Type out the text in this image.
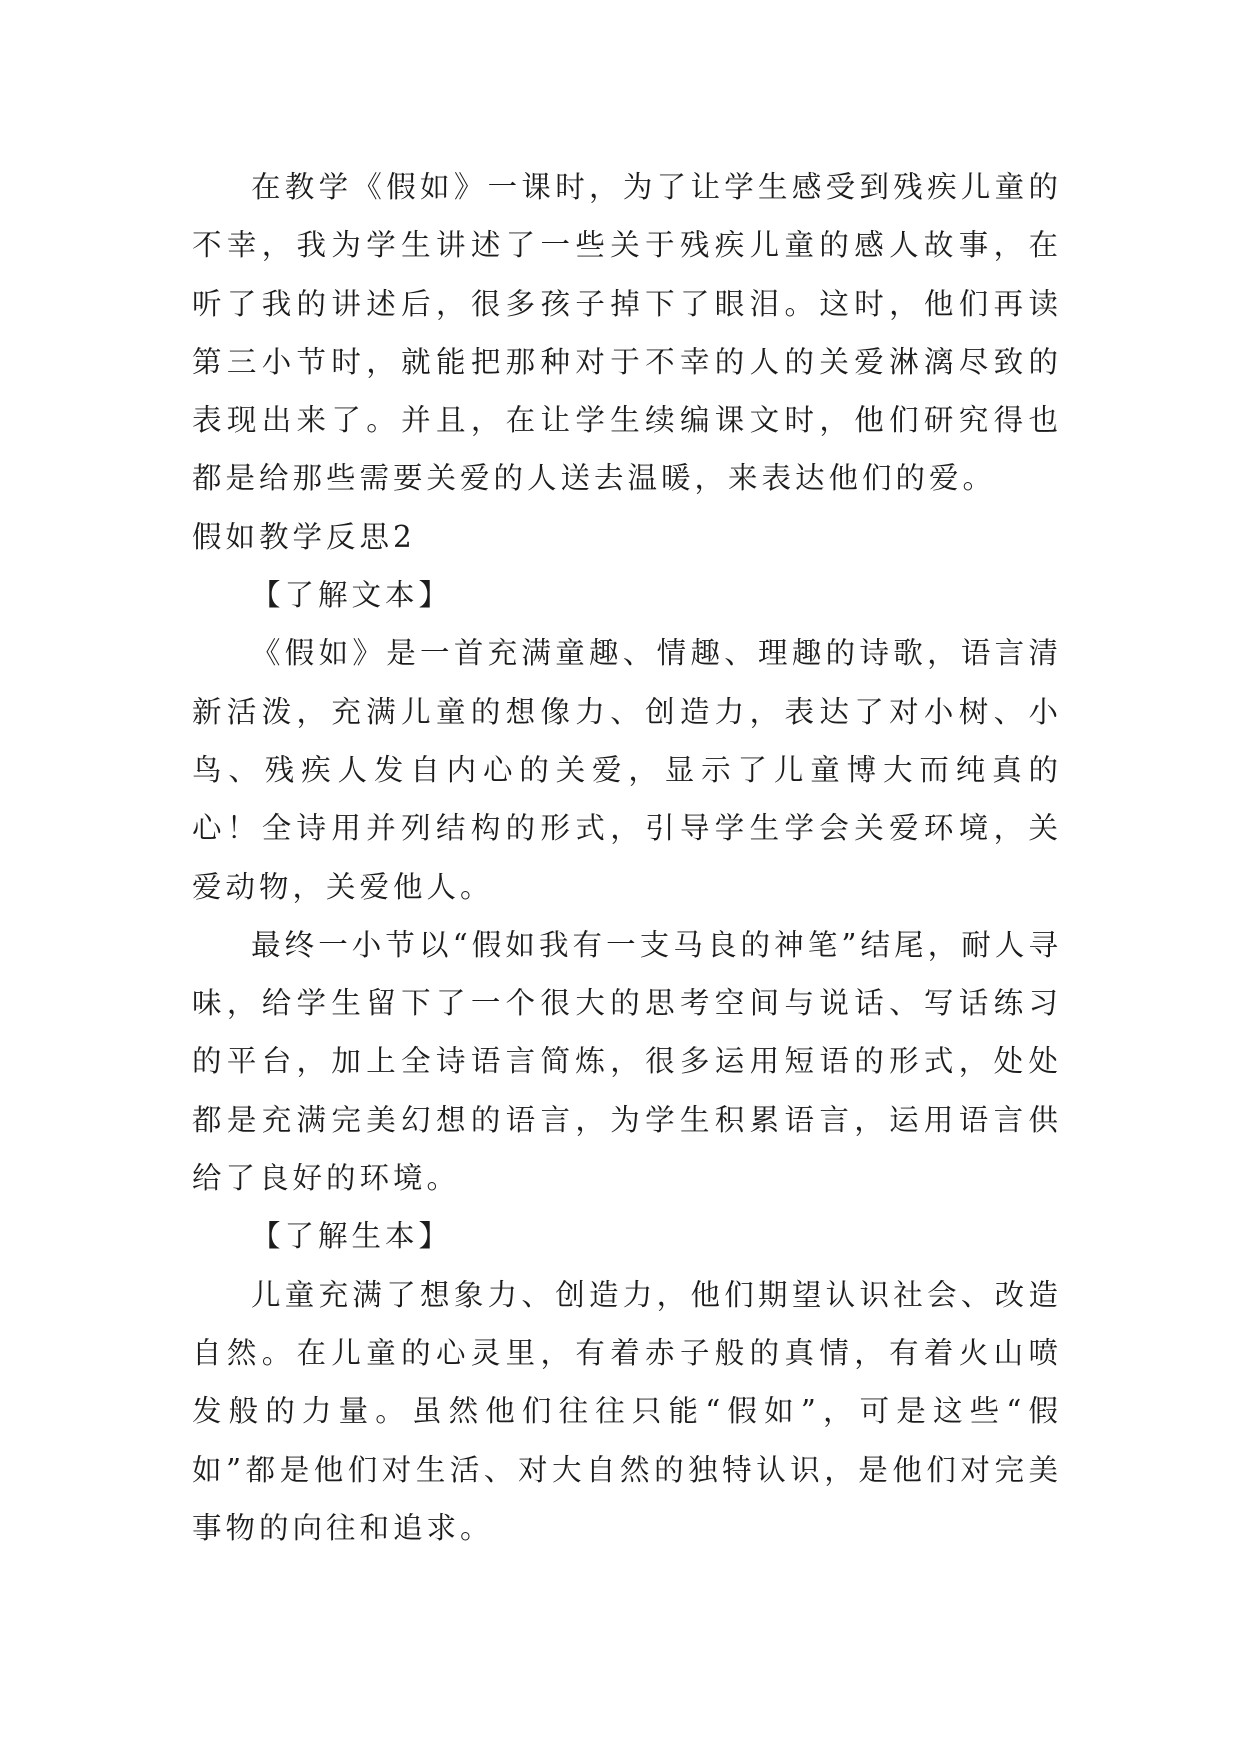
在教学《假如》一课时，为了让学生感受到残疾儿童的不幸，我为学生讲述了一些关于残疾儿童的感人故事，在听了我的讲述后，很多孩子掉下了眼泪。这时，他们再读第三小节时，就能把那种对于不幸的人的关爱淋漓尽致的表现出来了。并且，在让学生续编课文时，他们研究得也都是给那些需要关爱的人送去温暖，来表达他们的爱。

假如教学反思2

【了解文本】

《假如》是一首充满童趣、情趣、理趣的诗歌，语言清新活泼，充满儿童的想像力、创造力，表达了对小树、小鸟、残疾人发自内心的关爱，显示了儿童博大而纯真的心！全诗用并列结构的形式，引导学生学会关爱环境，关爱动物，关爱他人。

最终一小节以“假如我有一支马良的神笔”结尾，耐人寻味，给学生留下了一个很大的思考空间与说话、写话练习的平台，加上全诗语言简炼，很多运用短语的形式，处处都是充满完美幻想的语言，为学生积累语言，运用语言供给了良好的环境。

【了解生本】

儿童充满了想象力、创造力，他们期望认识社会、改造自然。在儿童的心灵里，有着赤子般的真情，有着火山喷发般的力量。虽然他们往往只能“假如”，可是这些“假如”都是他们对生活、对大自然的独特认识，是他们对完美事物的向往和追求。
